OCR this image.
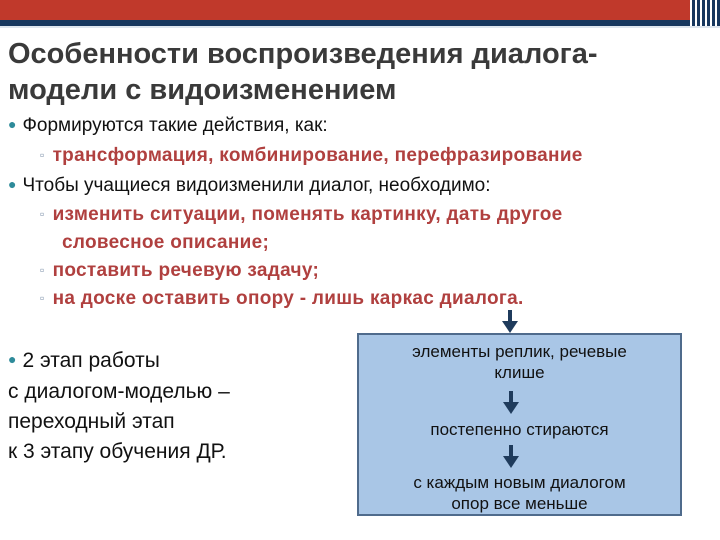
Особенности воспроизведения диалога-
модели с видоизменением
● Формируются такие действия, как:
▫ трансформация, комбинирование, перефразирование
● Чтобы учащиеся видоизменили диалог, необходимо:
▫ изменить ситуации, поменять картинку, дать другое
словесное описание;
▫ поставить речевую задачу;
▫ на доске оставить опору - лишь каркас диалога.
● 2 этап работы
с диалогом-моделью –
переходный этап
к 3 этапу обучения ДР.
элементы реплик, речевые
клише
постепенно стираются
с каждым новым диалогом
опор все меньше
